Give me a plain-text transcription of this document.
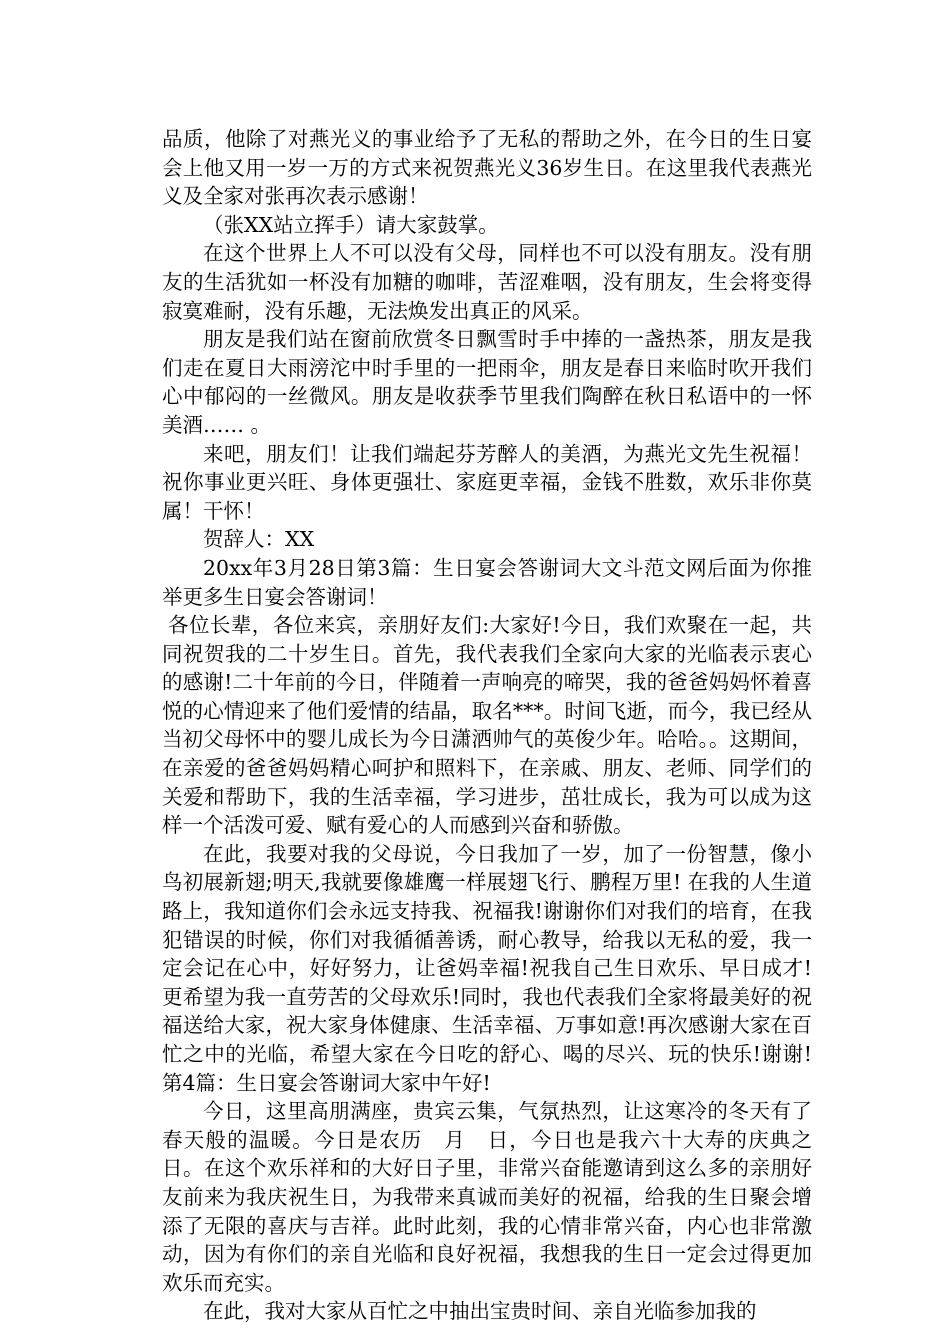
品质，他除了对燕光义的事业给予了无私的帮助之外，在今日的生日宴会上他又用一岁一万的方式来祝贺燕光义36岁生日。在这里我代表燕光义及全家对张再次表示感谢！

（张XX站立挥手）请大家鼓掌。

在这个世界上人不可以没有父母，同样也不可以没有朋友。没有朋友的生活犹如一杯没有加糖的咖啡，苦涩难咽，没有朋友，生会将变得寂寞难耐，没有乐趣，无法焕发出真正的风采。

朋友是我们站在窗前欣赏冬日飘雪时手中捧的一盏热茶，朋友是我们走在夏日大雨滂沱中时手里的一把雨伞，朋友是春日来临时吹开我们心中郁闷的一丝微风。朋友是收获季节里我们陶醉在秋日私语中的一怀美酒…… 。

来吧，朋友们！让我们端起芬芳醉人的美酒，为燕光文先生祝福！祝你事业更兴旺、身体更强壮、家庭更幸福，金钱不胜数，欢乐非你莫属！干怀！

贺辞人：XX

20xx年3月28日第3篇：生日宴会答谢词大文斗范文网后面为你推举更多生日宴会答谢词！

各位长辈，各位来宾，亲朋好友们:大家好!今日，我们欢聚在一起，共同祝贺我的二十岁生日。首先，我代表我们全家向大家的光临表示衷心的感谢!二十年前的今日，伴随着一声响亮的啼哭，我的爸爸妈妈怀着喜悦的心情迎来了他们爱情的结晶，取名***。时间飞逝，而今，我已经从当初父母怀中的婴儿成长为今日潇洒帅气的英俊少年。哈哈。。这期间，在亲爱的爸爸妈妈精心呵护和照料下，在亲戚、朋友、老师、同学们的关爱和帮助下，我的生活幸福，学习进步，茁壮成长，我为可以成为这样一个活泼可爱、赋有爱心的人而感到兴奋和骄傲。

在此，我要对我的父母说，今日我加了一岁，加了一份智慧，像小鸟初展新翅;明天,我就要像雄鹰一样展翅飞行、鹏程万里! 在我的人生道路上，我知道你们会永远支持我、祝福我!谢谢你们对我们的培育，在我犯错误的时候，你们对我循循善诱，耐心教导，给我以无私的爱，我一定会记在心中，好好努力，让爸妈幸福!祝我自己生日欢乐、早日成才!更希望为我一直劳苦的父母欢乐!同时，我也代表我们全家将最美好的祝福送给大家，祝大家身体健康、生活幸福、万事如意!再次感谢大家在百忙之中的光临，希望大家在今日吃的舒心、喝的尽兴、玩的快乐!谢谢!第4篇：生日宴会答谢词大家中午好!

今日，这里高朋满座，贵宾云集，气氛热烈，让这寒冷的冬天有了春天般的温暖。今日是农历　月　日，今日也是我六十大寿的庆典之日。在这个欢乐祥和的大好日子里，非常兴奋能邀请到这么多的亲朋好友前来为我庆祝生日，为我带来真诚而美好的祝福，给我的生日聚会增添了无限的喜庆与吉祥。此时此刻，我的心情非常兴奋，内心也非常激动，因为有你们的亲自光临和良好祝福，我想我的生日一定会过得更加欢乐而充实。

在此，我对大家从百忙之中抽出宝贵时间、亲自光临参加我的
